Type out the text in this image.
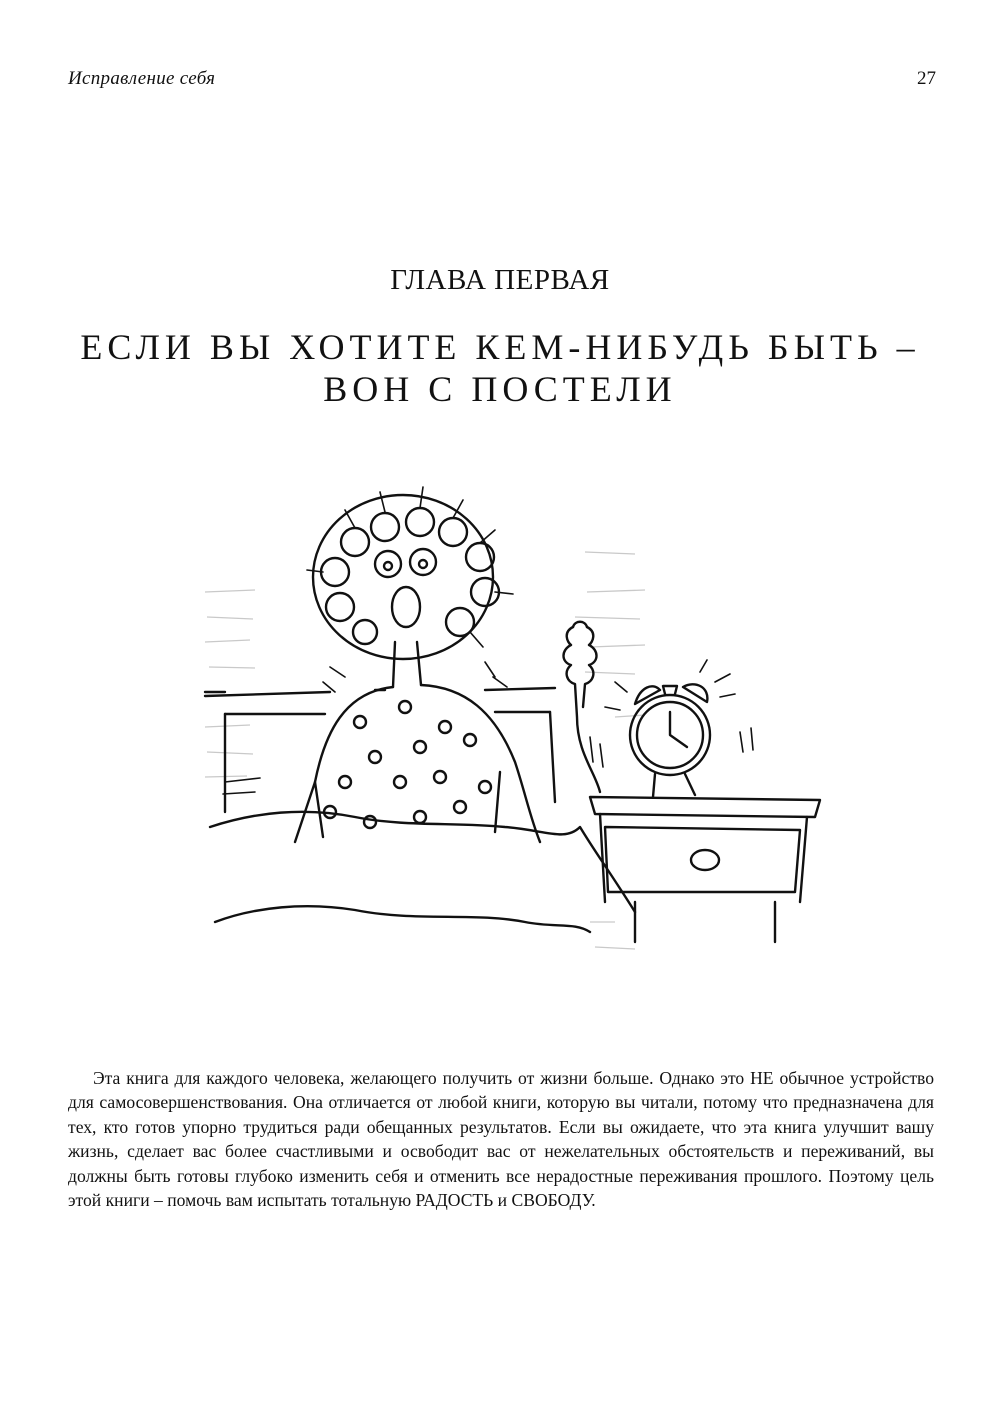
Исправление себя	27
ГЛАВА ПЕРВАЯ
ЕСЛИ ВЫ ХОТИТЕ КЕМ-НИБУДЬ БЫТЬ –
ВОН С ПОСТЕЛИ

Эта книга для каждого человека, желающего получить от жизни больше. Однако это НЕ обычное устройство для самосовершенствования. Она отличается от любой книги, которую вы читали, потому что предназначена для тех, кто готов упорно трудиться ради обещанных результатов. Если вы ожидаете, что эта книга улучшит вашу жизнь, сделает вас более счастливыми и освободит вас от нежелательных обстоятельств и переживаний, вы должны быть готовы глубоко изменить себя и отменить все нерадостные переживания прошлого. Поэтому цель этой книги – помочь вам испытать тотальную РАДОСТЬ и СВОБОДУ.
